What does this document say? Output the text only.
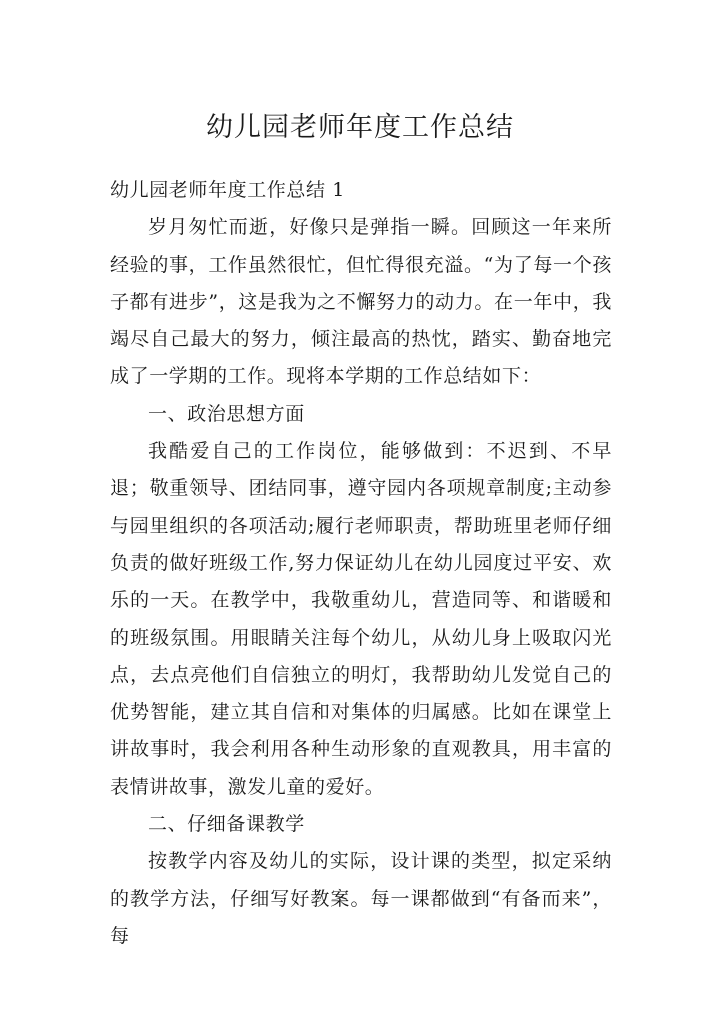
幼儿园老师年度工作总结

幼儿园老师年度工作总结 1

岁月匆忙而逝，好像只是弹指一瞬。回顾这一年来所经验的事，工作虽然很忙，但忙得很充溢。“为了每一个孩子都有进步”，这是我为之不懈努力的动力。在一年中，我竭尽自己最大的努力，倾注最高的热忱，踏实、勤奋地完成了一学期的工作。现将本学期的工作总结如下：

一、政治思想方面

我酷爱自己的工作岗位，能够做到：不迟到、不早退；敬重领导、团结同事，遵守园内各项规章制度;主动参与园里组织的各项活动;履行老师职责，帮助班里老师仔细负责的做好班级工作,努力保证幼儿在幼儿园度过平安、欢乐的一天。在教学中，我敬重幼儿，营造同等、和谐暖和的班级氛围。用眼睛关注每个幼儿，从幼儿身上吸取闪光点，去点亮他们自信独立的明灯，我帮助幼儿发觉自己的优势智能，建立其自信和对集体的归属感。比如在课堂上讲故事时，我会利用各种生动形象的直观教具，用丰富的表情讲故事，激发儿童的爱好。

二、仔细备课教学

按教学内容及幼儿的实际，设计课的类型，拟定采纳的教学方法，仔细写好教案。每一课都做到“有备而来”，每
